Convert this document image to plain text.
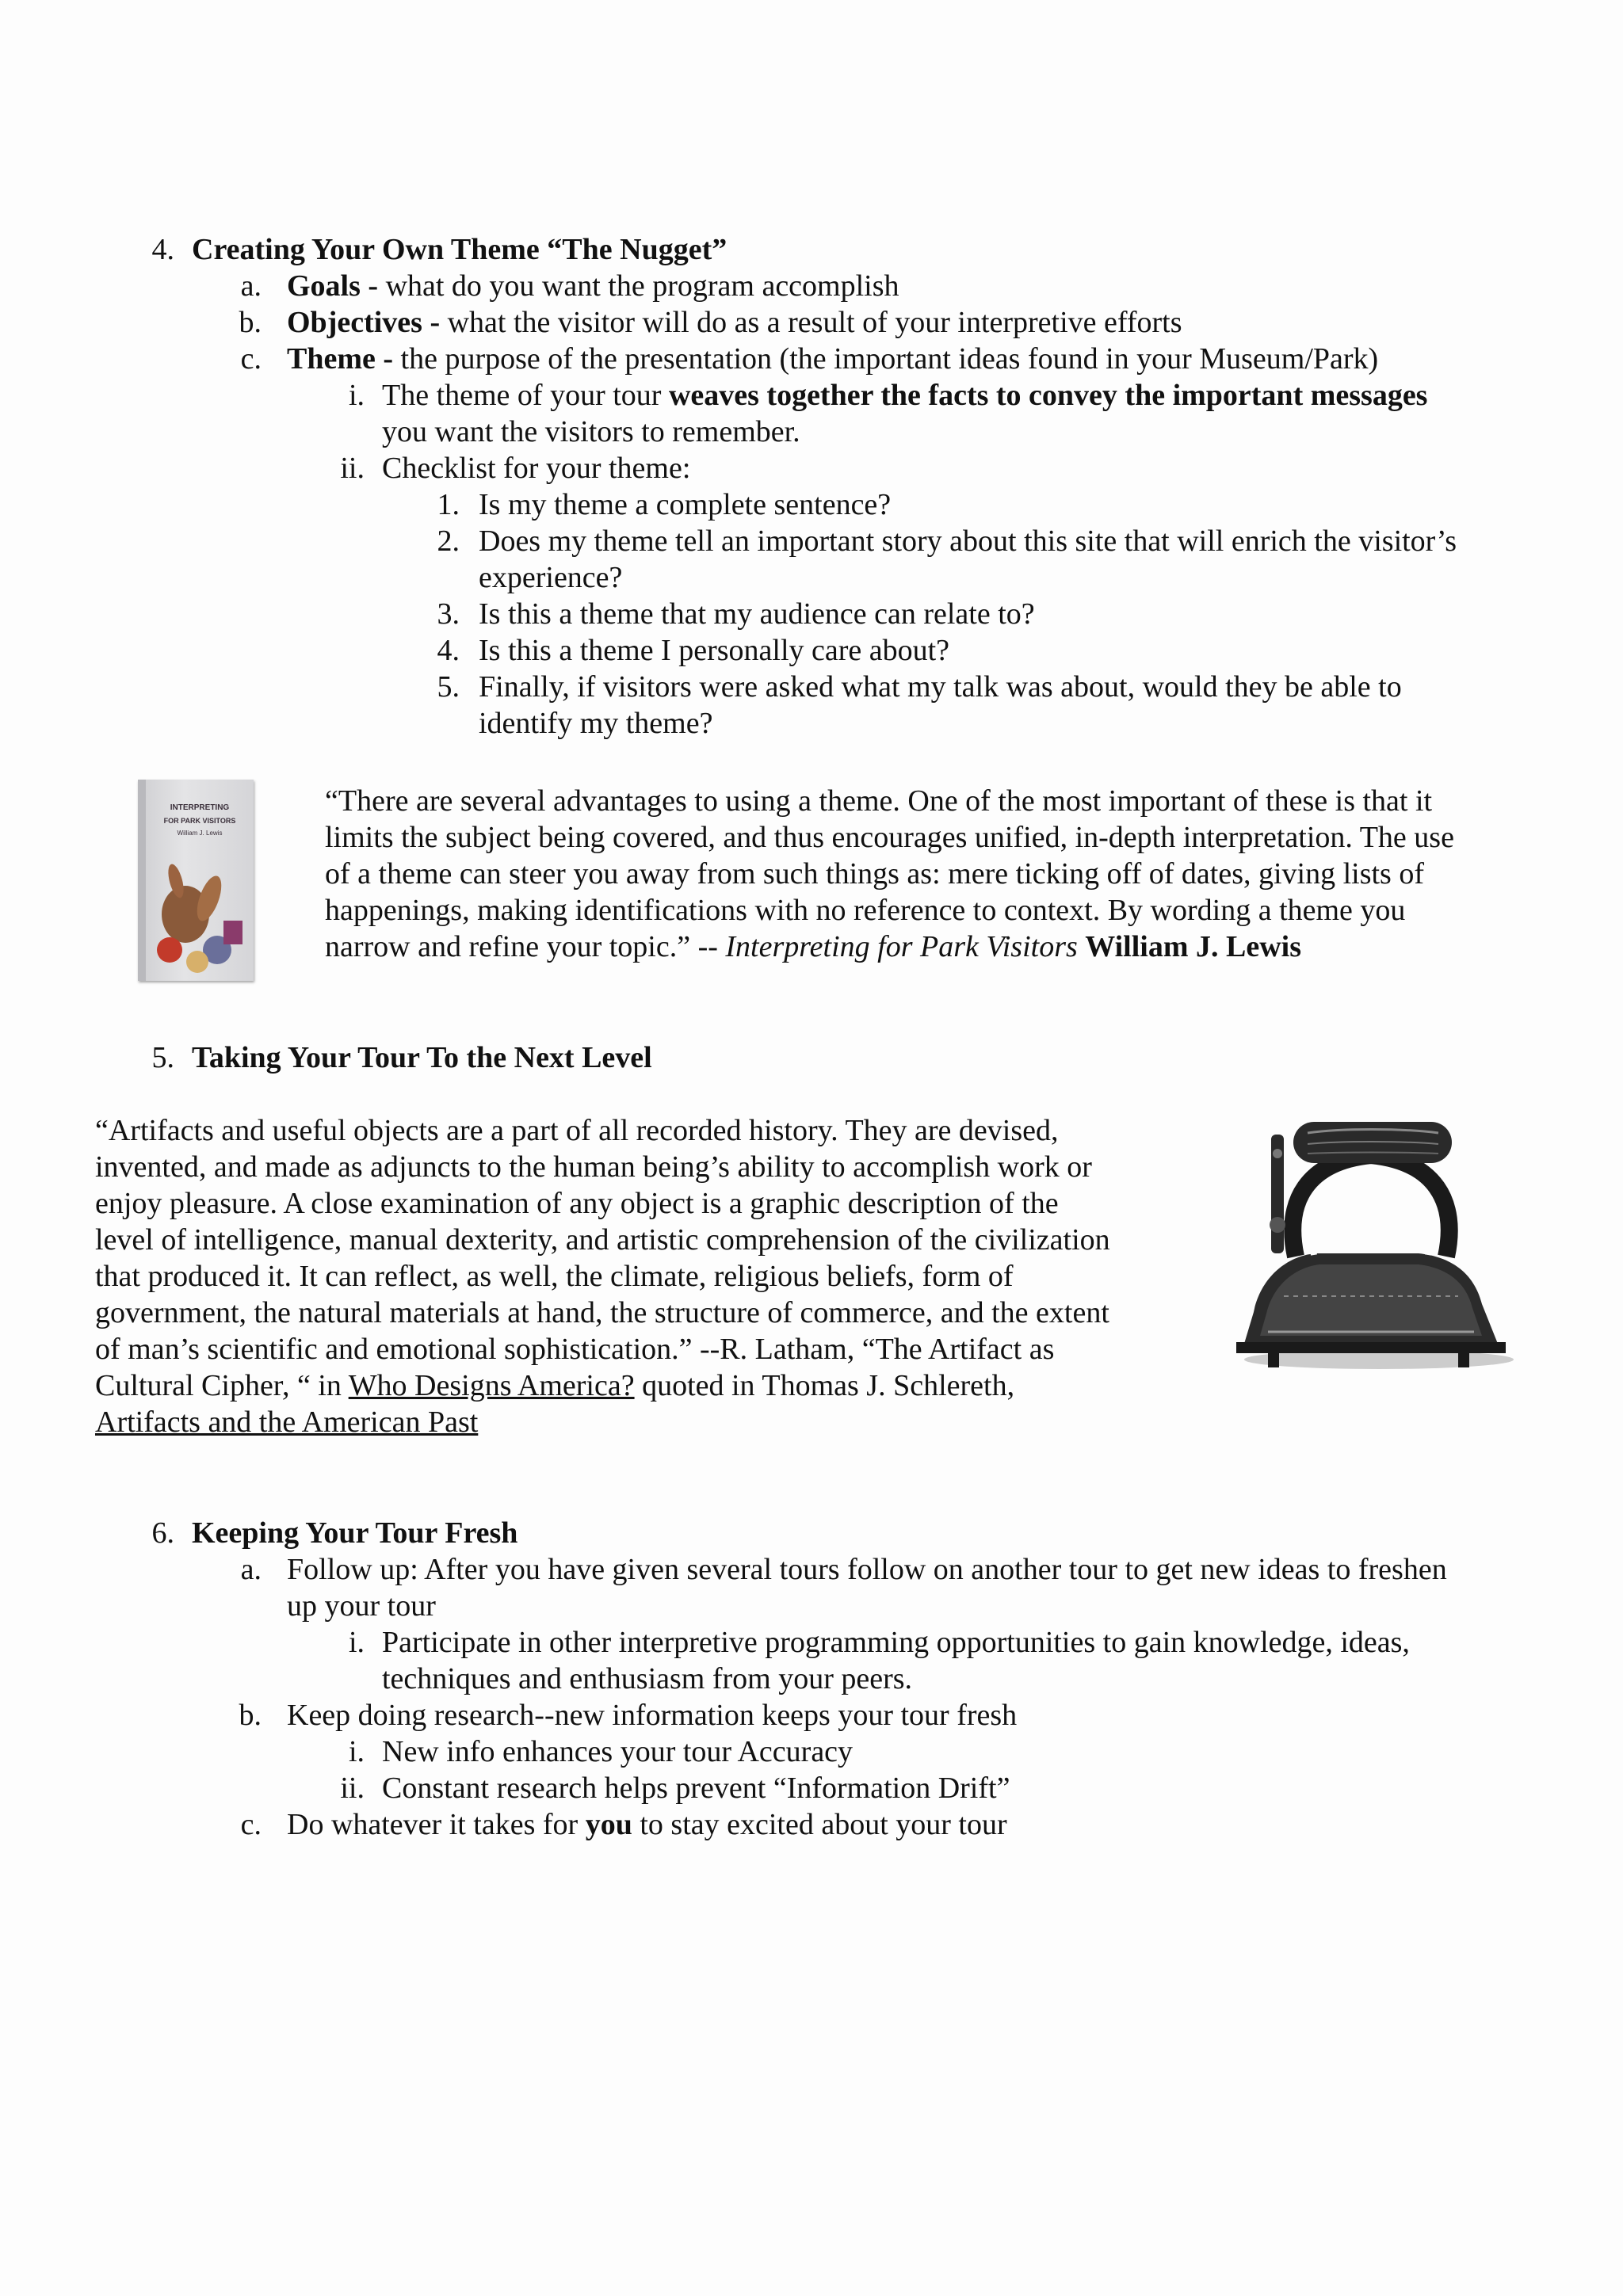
4. Creating Your Own Theme “The Nugget”
a. Goals - what do you want the program accomplish
b. Objectives - what the visitor will do as a result of your interpretive efforts
c. Theme - the purpose of the presentation (the important ideas found in your Museum/Park)
i. The theme of your tour weaves together the facts to convey the important messages
you want the visitors to remember.
ii. Checklist for your theme:
1. Is my theme a complete sentence?
2. Does my theme tell an important story about this site that will enrich the visitor’s
experience?
3. Is this a theme that my audience can relate to?
4. Is this a theme I personally care about?
5. Finally, if visitors were asked what my talk was about, would they be able to
identify my theme?
INTERPRETING
FOR PARK VISITORS
William J. Lewis
“There are several advantages to using a theme. One of the most important of these is that it
limits the subject being covered, and thus encourages unified, in-depth interpretation. The use
of a theme can steer you away from such things as: mere ticking off of dates, giving lists of
happenings, making identifications with no reference to context. By wording a theme you
narrow and refine your topic.” -- Interpreting for Park Visitors William J. Lewis
5. Taking Your Tour To the Next Level
“Artifacts and useful objects are a part of all recorded history. They are devised,
invented, and made as adjuncts to the human being’s ability to accomplish work or
enjoy pleasure. A close examination of any object is a graphic description of the
level of intelligence, manual dexterity, and artistic comprehension of the civilization
that produced it. It can reflect, as well, the climate, religious beliefs, form of
government, the natural materials at hand, the structure of commerce, and the extent
of man’s scientific and emotional sophistication.” --R. Latham, “The Artifact as
Cultural Cipher, “ in Who Designs America? quoted in Thomas J. Schlereth,
Artifacts and the American Past
6. Keeping Your Tour Fresh
a. Follow up: After you have given several tours follow on another tour to get new ideas to freshen
up your tour
i. Participate in other interpretive programming opportunities to gain knowledge, ideas,
techniques and enthusiasm from your peers.
b. Keep doing research--new information keeps your tour fresh
i. New info enhances your tour Accuracy
ii. Constant research helps prevent “Information Drift”
c. Do whatever it takes for you to stay excited about your tour
